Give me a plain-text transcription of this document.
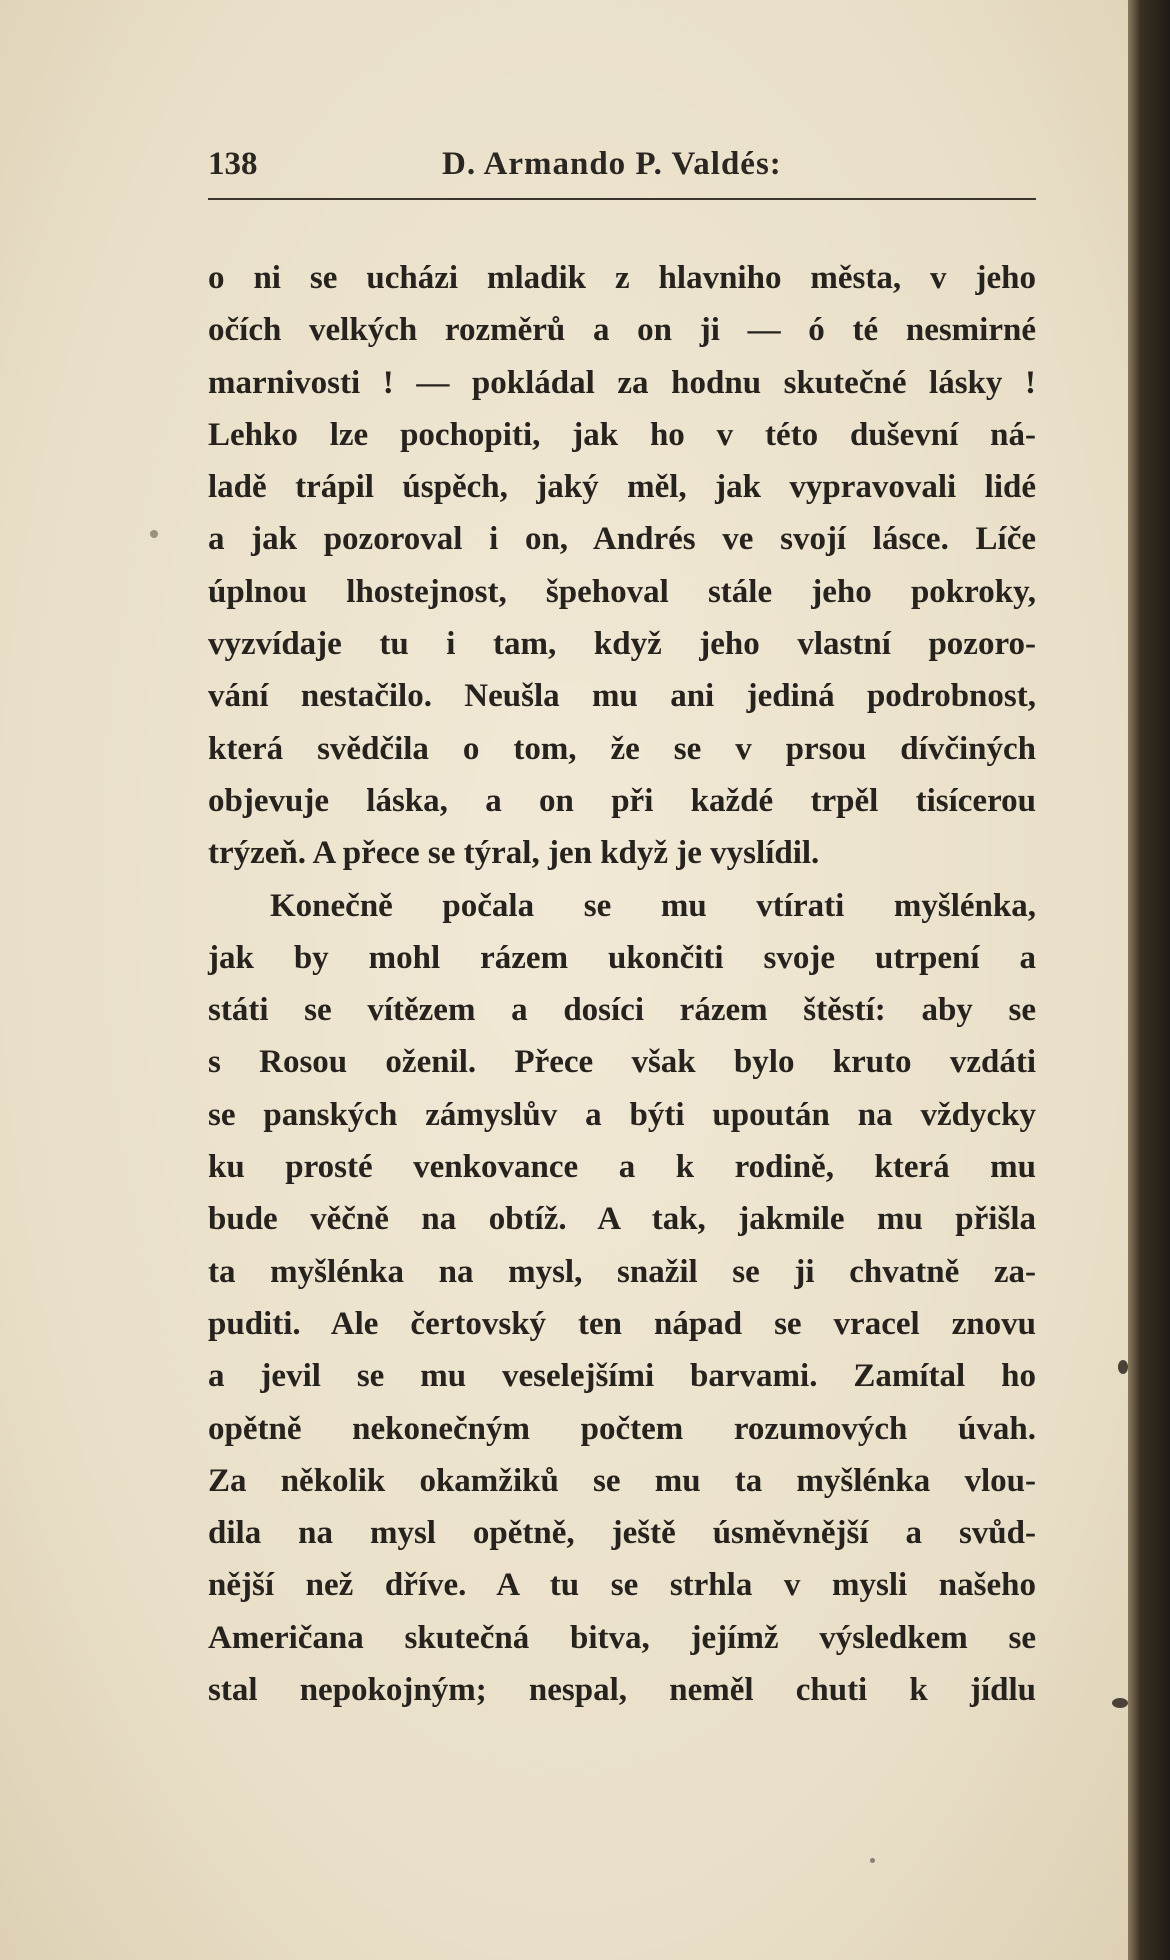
138	D. Armando P. Valdés:
o ni se ucházi mladik z hlavniho města, v jeho
očích velkých rozměrů a on ji — ó té nesmirné
marnivosti ! — pokládal za hodnu skutečné lásky !
Lehko lze pochopiti, jak ho v této duševní ná-
ladě trápil úspěch, jaký měl, jak vypravovali lidé
a jak pozoroval i on, Andrés ve svojí lásce. Líče
úplnou lhostejnost, špehoval stále jeho pokroky,
vyzvídaje tu i tam, když jeho vlastní pozoro-
vání nestačilo. Neušla mu ani jediná podrobnost,
která svědčila o tom, že se v prsou dívčiných
objevuje láska, a on při každé trpěl tisícerou
trýzeň. A přece se týral, jen když je vyslídil.
Konečně počala se mu vtírati myšlénka,
jak by mohl rázem ukončiti svoje utrpení a
státi se vítězem a dosíci rázem štěstí: aby se
s Rosou oženil. Přece však bylo kruto vzdáti
se panských zámyslův a býti upoután na vždycky
ku prosté venkovance a k rodině, která mu
bude věčně na obtíž. A tak, jakmile mu přišla
ta myšlénka na mysl, snažil se ji chvatně za-
puditi. Ale čertovský ten nápad se vracel znovu
a jevil se mu veselejšími barvami. Zamítal ho
opětně nekonečným počtem rozumových úvah.
Za několik okamžiků se mu ta myšlénka vlou-
dila na mysl opětně, ještě úsměvnější a svůd-
nější než dříve. A tu se strhla v mysli našeho
Američana skutečná bitva, jejímž výsledkem se
stal nepokojným; nespal, neměl chuti k jídlu
